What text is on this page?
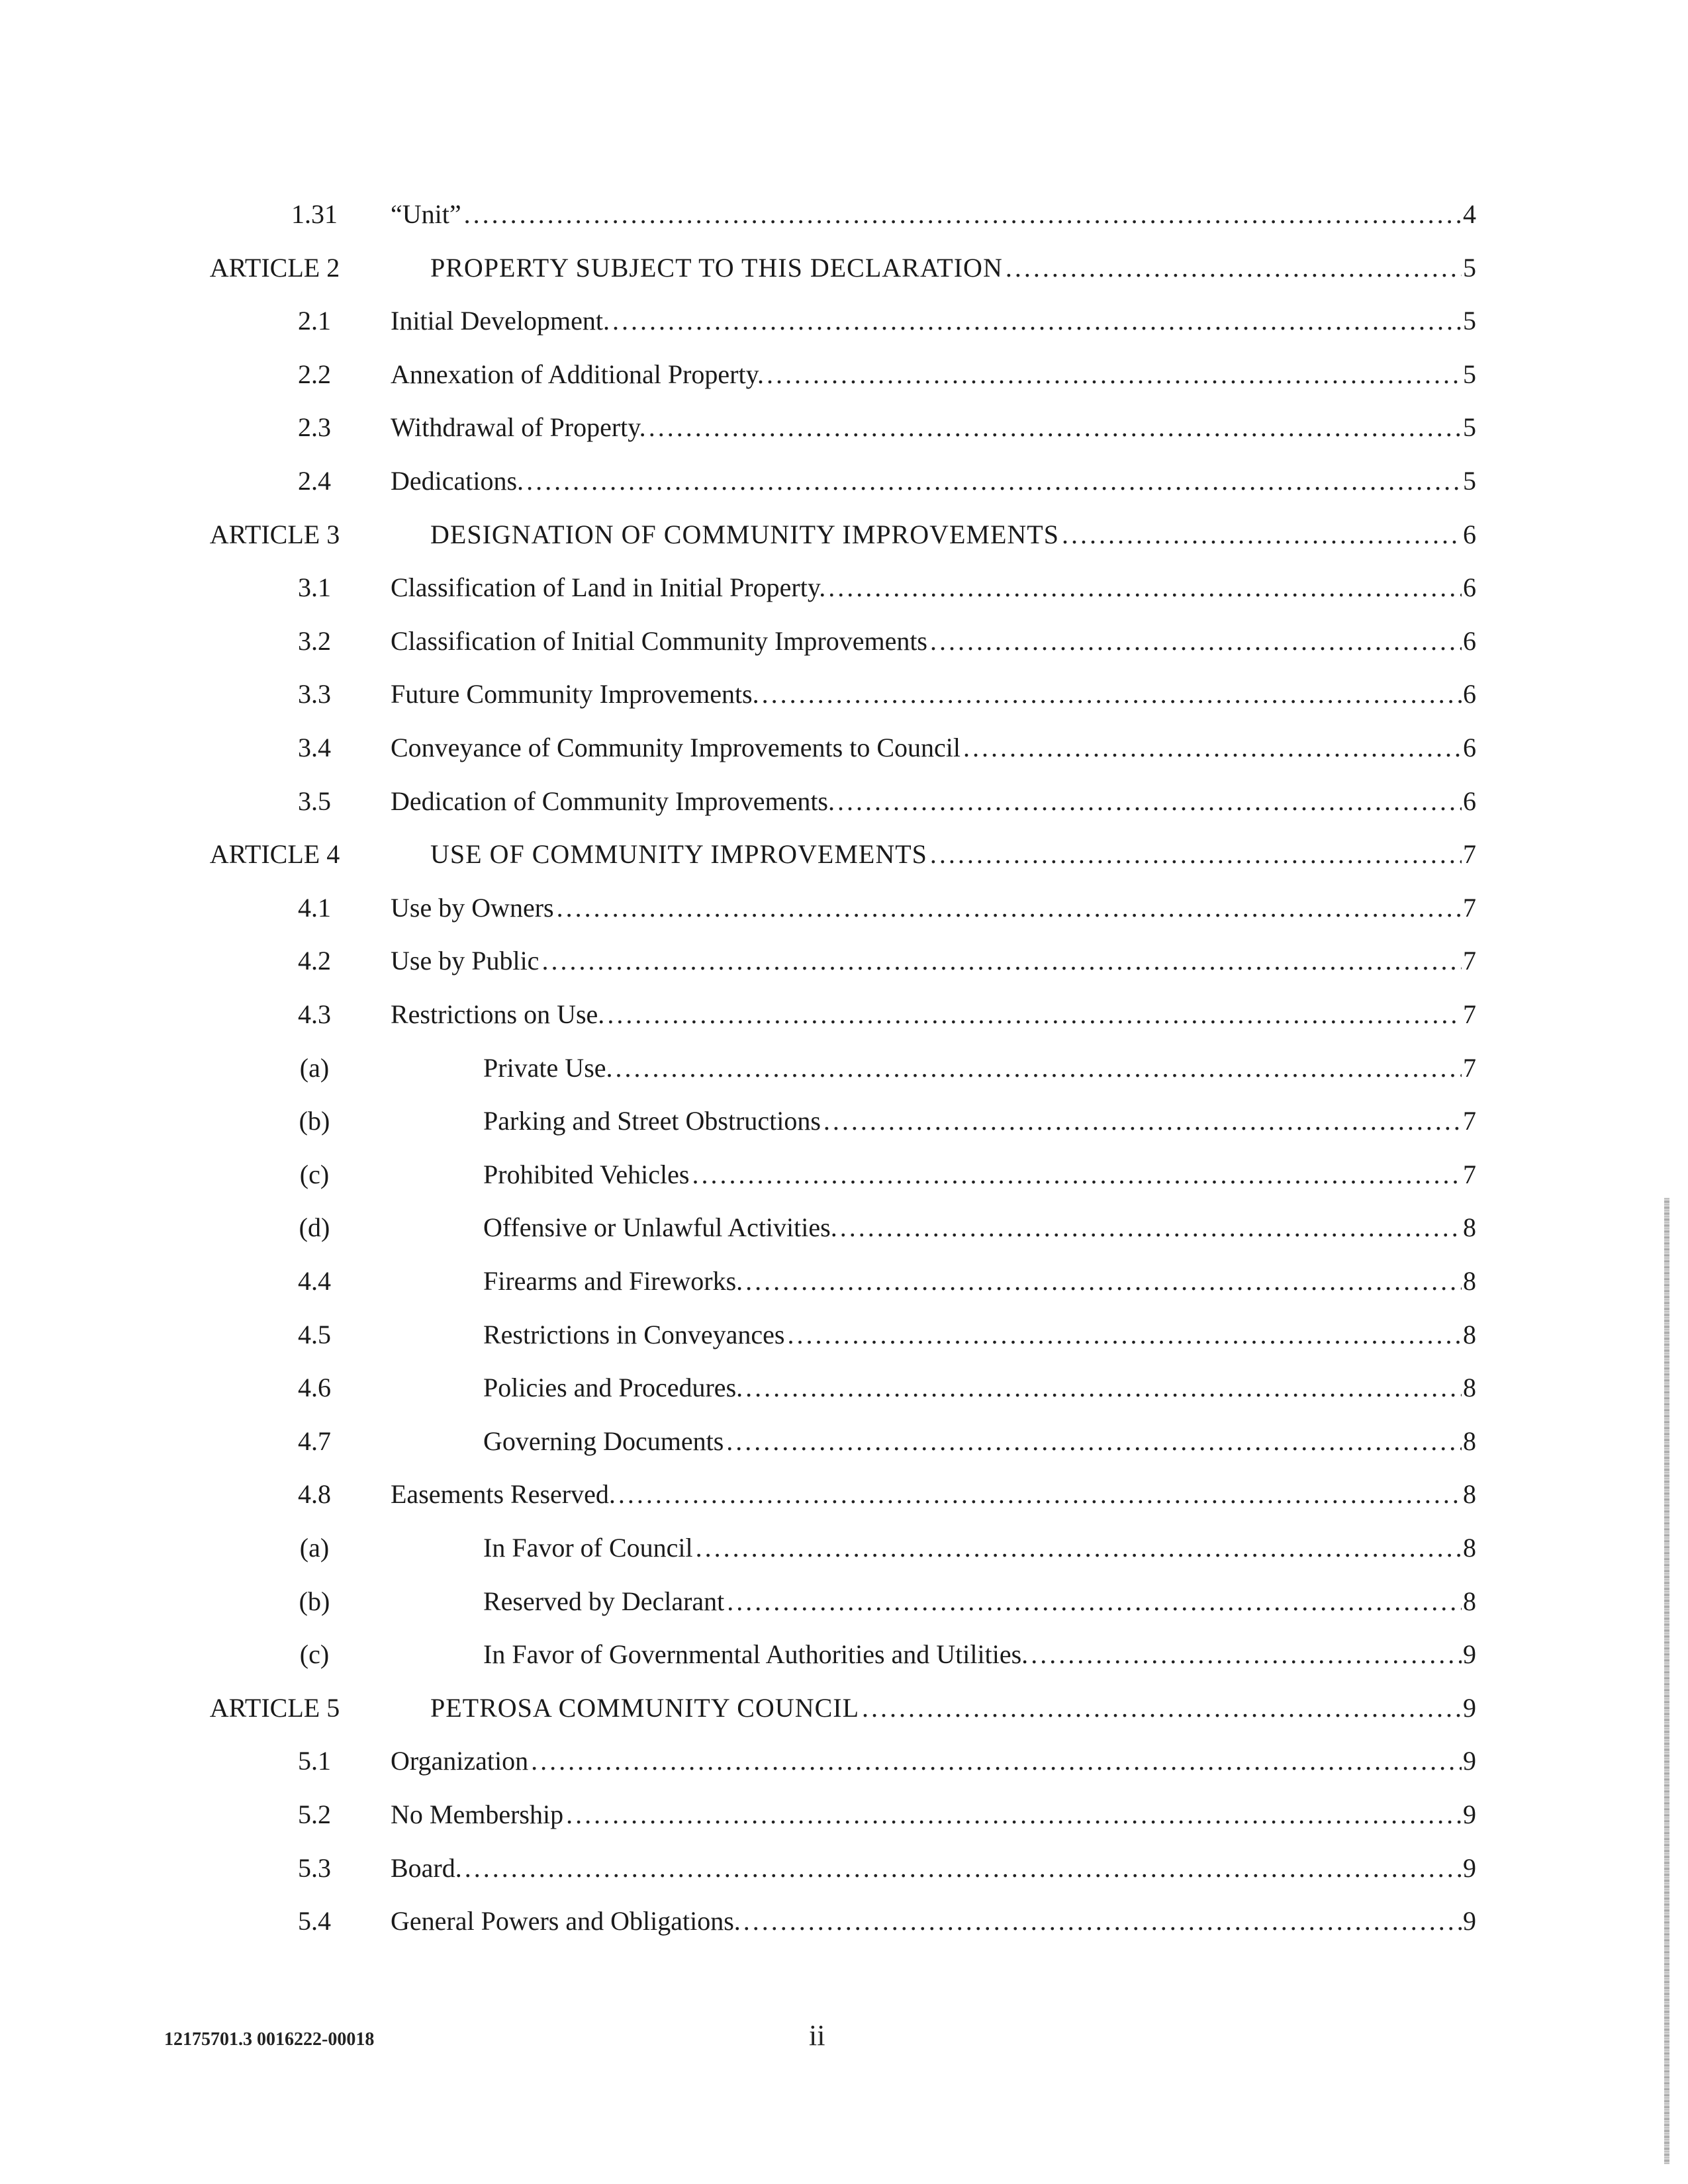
1.31	“Unit” . . .	4
ARTICLE 2	PROPERTY SUBJECT TO THIS DECLARATION . . .	5
2.1	Initial Development. . . .	5
2.2	Annexation of Additional Property. . . .	5
2.3	Withdrawal of Property. . . .	5
2.4	Dedications. . . .	5
ARTICLE 3	DESIGNATION OF COMMUNITY IMPROVEMENTS . . .	6
3.1	Classification of Land in Initial Property. . . .	6
3.2	Classification of Initial Community Improvements . . .	6
3.3	Future Community Improvements. . . .	6
3.4	Conveyance of Community Improvements to Council . . .	6
3.5	Dedication of Community Improvements. . . .	6
ARTICLE 4	USE OF COMMUNITY IMPROVEMENTS . . .	7
4.1	Use by Owners . . .	7
4.2	Use by Public . . .	7
4.3	Restrictions on Use. . . .	7
(a)	Private Use. . . .	7
(b)	Parking and Street Obstructions . . .	7
(c)	Prohibited Vehicles . . .	7
(d)	Offensive or Unlawful Activities. . . .	8
4.4	Firearms and Fireworks. . . .	8
4.5	Restrictions in Conveyances . . .	8
4.6	Policies and Procedures. . . .	8
4.7	Governing Documents . . .	8
4.8	Easements Reserved. . . .	8
(a)	In Favor of Council . . .	8
(b)	Reserved by Declarant . . .	8
(c)	In Favor of Governmental Authorities and Utilities. . . .	9
ARTICLE 5	PETROSA COMMUNITY COUNCIL . . .	9
5.1	Organization . . .	9
5.2	No Membership . . .	9
5.3	Board. . . .	9
5.4	General Powers and Obligations. . . .	9
12175701.3 0016222-00018	ii
